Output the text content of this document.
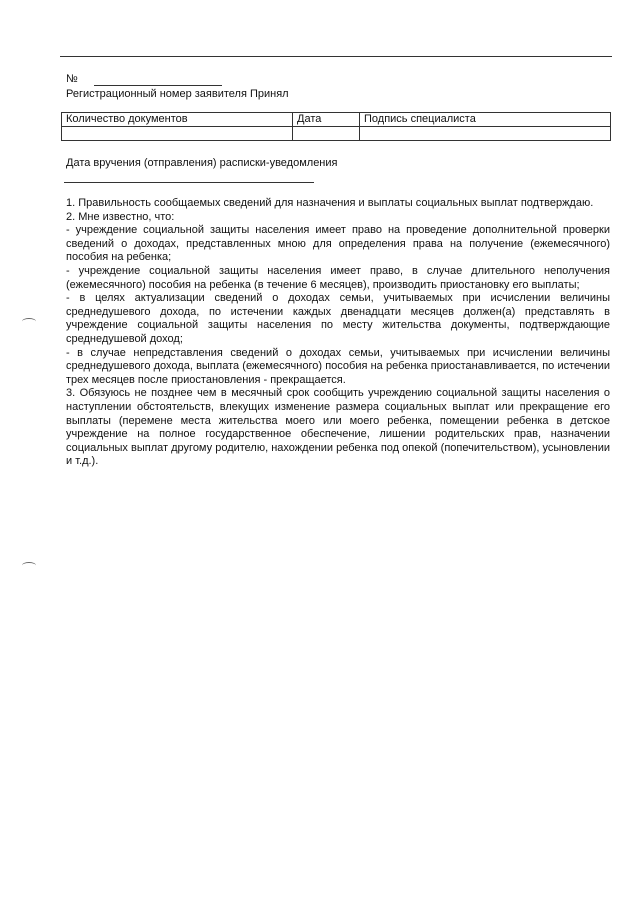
№
Регистрационный номер заявителя Принял
Количество документов	Дата	Подпись специалиста

Дата вручения (отправления) расписки-уведомления

1. Правильность сообщаемых сведений для назначения и выплаты социальных выплат подтверждаю.

2. Мне известно, что:

- учреждение социальной защиты населения имеет право на проведение дополнительной проверки сведений о доходах, представленных мною для определения права на получение (ежемесячного) пособия на ребенка;

- учреждение социальной защиты населения имеет право, в случае длительного неполучения (ежемесячного) пособия на ребенка (в течение 6 месяцев), производить приостановку его выплаты;

- в целях актуализации сведений о доходах семьи, учитываемых при исчислении величины среднедушевого дохода, по истечении каждых двенадцати месяцев должен(а) представлять в учреждение социальной защиты населения по месту жительства документы, подтверждающие среднедушевой доход;

- в случае непредставления сведений о доходах семьи, учитываемых при исчислении величины среднедушевого дохода, выплата (ежемесячного) пособия на ребенка приостанавливается, по истечении трех месяцев после приостановления - прекращается.

3. Обязуюсь не позднее чем в месячный срок сообщить учреждению социальной защиты населения о наступлении обстоятельств, влекущих изменение размера социальных выплат или прекращение его выплаты (перемене места жительства моего или моего ребенка, помещении ребенка в детское учреждение на полное государственное обеспечение, лишении родительских прав, назначении социальных выплат другому родителю, нахождении ребенка под опекой (попечительством), усыновлении и т.д.).
